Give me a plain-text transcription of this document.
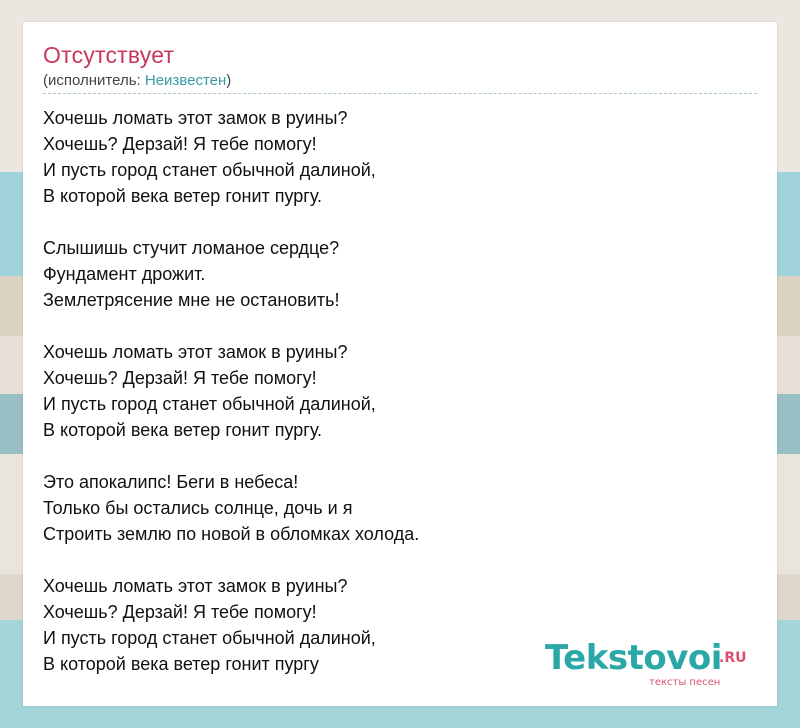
Отсутствует
(исполнитель: Неизвестен)
Хочешь ломать этот замок в руины?
Хочешь? Дерзай! Я тебе помогу!
И пусть город станет обычной далиной,
В которой века ветер гонит пургу.
Слышишь стучит ломаное сердце?
Фундамент дрожит.
Землетрясение мне не остановить!
Хочешь ломать этот замок в руины?
Хочешь? Дерзай! Я тебе помогу!
И пусть город станет обычной далиной,
В которой века ветер гонит пургу.
Это апокалипс! Беги в небеса!
Только бы остались солнце, дочь и я
Строить землю по новой в обломках холода.
Хочешь ломать этот замок в руины?
Хочешь? Дерзай! Я тебе помогу!
И пусть город станет обычной далиной,
В которой века ветер гонит пургу	Tekstovoi
.RU
тексты песен
